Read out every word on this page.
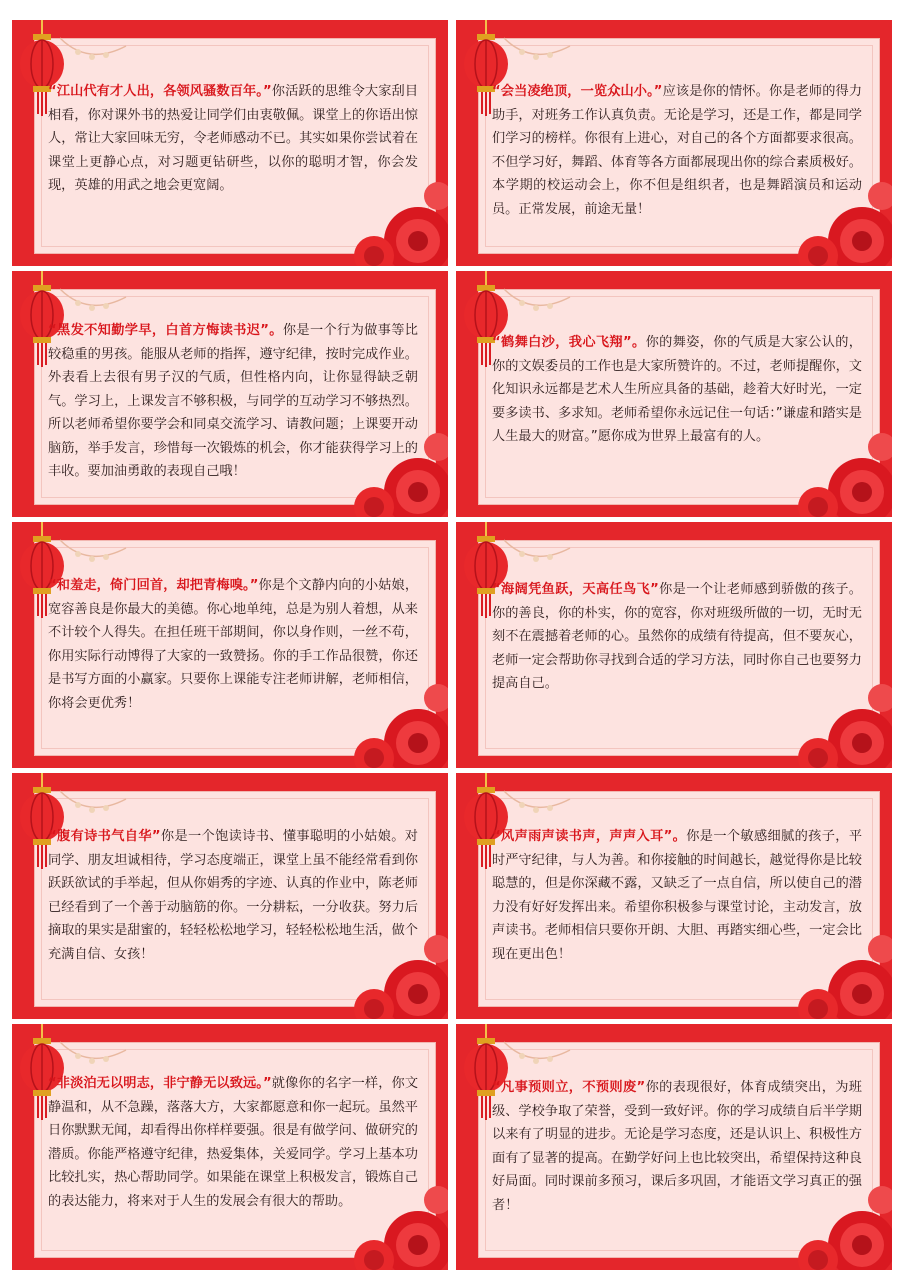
“江山代有才人出，各领风骚数百年。”你活跃的思维令大家刮目相看，你对课外书的热爱让同学们由衷敬佩。课堂上的你语出惊人，常让大家回味无穷，令老师感动不已。其实如果你尝试着在课堂上更静心点，对习题更钻研些，以你的聪明才智，你会发现，英雄的用武之地会更宽阔。
“会当凌绝顶，一览众山小。”应该是你的情怀。你是老师的得力助手，对班务工作认真负责。无论是学习，还是工作，都是同学们学习的榜样。你很有上进心，对自己的各个方面都要求很高。不但学习好，舞蹈、体育等各方面都展现出你的综合素质极好。本学期的校运动会上，你不但是组织者，也是舞蹈演员和运动员。正常发展，前途无量！
“黑发不知勤学早，白首方悔读书迟”。你是一个行为做事等比较稳重的男孩。能服从老师的指挥，遵守纪律，按时完成作业。外表看上去很有男子汉的气质，但性格内向，让你显得缺乏朝气。学习上，上课发言不够积极，与同学的互动学习不够热烈。所以老师希望你要学会和同桌交流学习、请教问题；上课要开动脑筋，举手发言，珍惜每一次锻炼的机会，你才能获得学习上的丰收。要加油勇敢的表现自己哦！
“鹤舞白沙，我心飞翔”。你的舞姿，你的气质是大家公认的，你的文娱委员的工作也是大家所赞许的。不过，老师提醒你，文化知识永远都是艺术人生所应具备的基础，趁着大好时光，一定要多读书、多求知。老师希望你永远记住一句话：”谦虚和踏实是人生最大的财富。”愿你成为世界上最富有的人。
“和羞走，倚门回首，却把青梅嗅。”你是个文静内向的小姑娘，宽容善良是你最大的美德。你心地单纯，总是为别人着想，从来不计较个人得失。在担任班干部期间，你以身作则，一丝不苟，你用实际行动博得了大家的一致赞扬。你的手工作品很赞，你还是书写方面的小赢家。只要你上课能专注老师讲解，老师相信，你将会更优秀！
“海阔凭鱼跃，天高任鸟飞”你是一个让老师感到骄傲的孩子。你的善良，你的朴实，你的宽容，你对班级所做的一切，无时无刻不在震撼着老师的心。虽然你的成绩有待提高，但不要灰心，老师一定会帮助你寻找到合适的学习方法，同时你自己也要努力提高自己。
“腹有诗书气自华”你是一个饱读诗书、懂事聪明的小姑娘。对同学、朋友坦诚相待，学习态度端正，课堂上虽不能经常看到你跃跃欲试的手举起，但从你娟秀的字迹、认真的作业中，陈老师已经看到了一个善于动脑筋的你。一分耕耘，一分收获。努力后摘取的果实是甜蜜的，轻轻松松地学习，轻轻松松地生活，做个充满自信、女孩！
“风声雨声读书声，声声入耳”。你是一个敏感细腻的孩子，平时严守纪律，与人为善。和你接触的时间越长，越觉得你是比较聪慧的，但是你深藏不露，又缺乏了一点自信，所以使自己的潜力没有好好发挥出来。希望你积极参与课堂讨论，主动发言，放声读书。老师相信只要你开朗、大胆、再踏实细心些，一定会比现在更出色！
“非淡泊无以明志，非宁静无以致远。”就像你的名字一样，你文静温和，从不急躁，落落大方，大家都愿意和你一起玩。虽然平日你默默无闻，却看得出你样样要强。很是有做学问、做研究的潜质。你能严格遵守纪律，热爱集体，关爱同学。学习上基本功比较扎实，热心帮助同学。如果能在课堂上积极发言，锻炼自己的表达能力，将来对于人生的发展会有很大的帮助。
“凡事预则立，不预则废”你的表现很好，体育成绩突出，为班级、学校争取了荣誉，受到一致好评。你的学习成绩自后半学期以来有了明显的进步。无论是学习态度，还是认识上、积极性方面有了显著的提高。在勤学好问上也比较突出，希望保持这种良好局面。同时课前多预习，课后多巩固，才能语文学习真正的强者！
